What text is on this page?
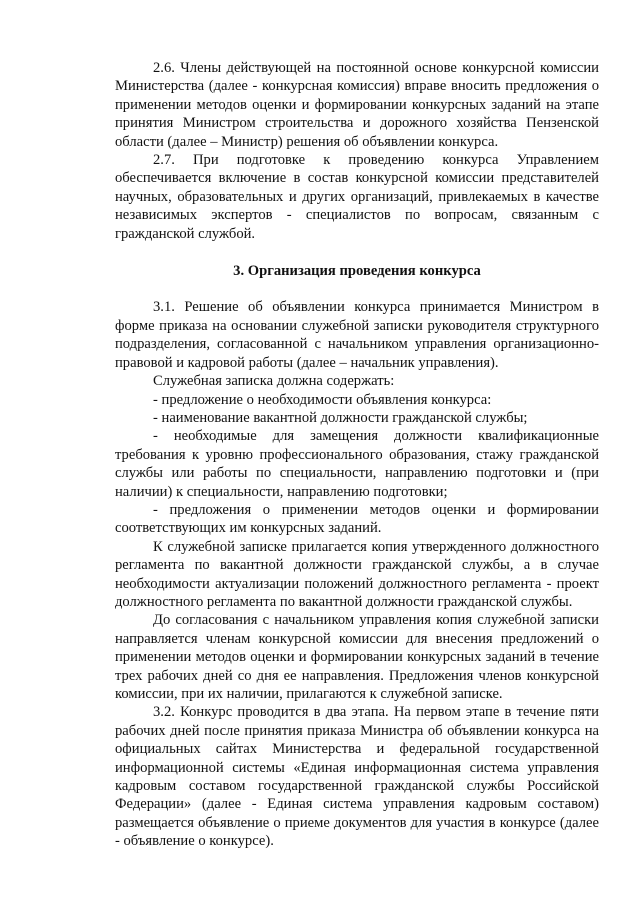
2.6. Члены действующей на постоянной основе конкурсной комиссии Министерства (далее - конкурсная комиссия) вправе вносить предложения о применении методов оценки и формировании конкурсных заданий на этапе принятия Министром строительства и дорожного хозяйства Пензенской области (далее – Министр) решения об объявлении конкурса.

2.7. При подготовке к проведению конкурса Управлением обеспечивается включение в состав конкурсной комиссии представителей научных, образовательных и других организаций, привлекаемых в качестве независимых экспертов - специалистов по вопросам, связанным с гражданской службой.

3. Организация проведения конкурса

3.1. Решение об объявлении конкурса принимается Министром в форме приказа на основании служебной записки руководителя структурного подразделения, согласованной с начальником управления организационно-правовой и кадровой работы (далее – начальник управления).

Служебная записка должна содержать:

- предложение о необходимости объявления конкурса:

- наименование вакантной должности гражданской службы;

- необходимые для замещения должности квалификационные требования к уровню профессионального образования, стажу гражданской службы или работы по специальности, направлению подготовки и (при наличии) к специальности, направлению подготовки;

- предложения о применении методов оценки и формировании соответствующих им конкурсных заданий.

К служебной записке прилагается копия утвержденного должностного регламента по вакантной должности гражданской службы, а в случае необходимости актуализации положений должностного регламента - проект должностного регламента по вакантной должности гражданской службы.

До согласования с начальником управления копия служебной записки направляется членам конкурсной комиссии для внесения предложений о применении методов оценки и формировании конкурсных заданий в течение трех рабочих дней со дня ее направления. Предложения членов конкурсной комиссии, при их наличии, прилагаются к служебной записке.

3.2. Конкурс проводится в два этапа. На первом этапе в течение пяти рабочих дней после принятия приказа Министра об объявлении конкурса на официальных сайтах Министерства и федеральной государственной информационной системы «Единая информационная система управления кадровым составом государственной гражданской службы Российской Федерации» (далее - Единая система управления кадровым составом) размещается объявление о приеме документов для участия в конкурсе (далее - объявление о конкурсе).
